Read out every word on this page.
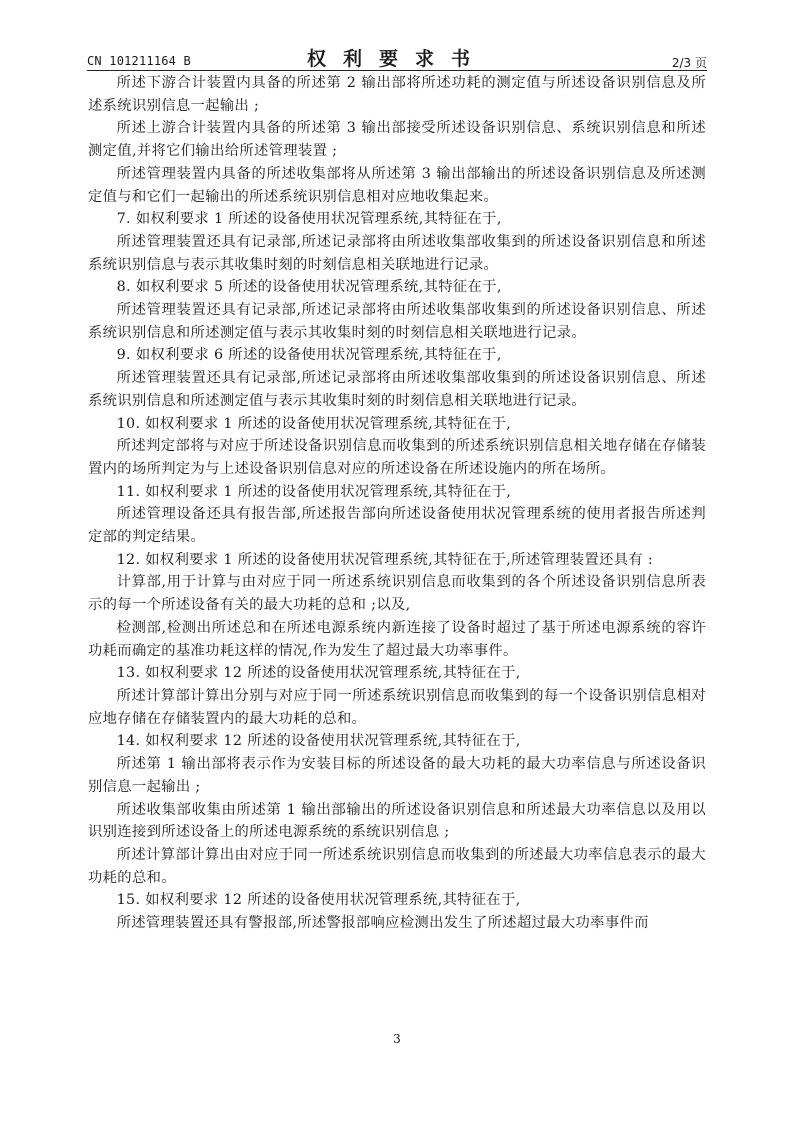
CN 101211164 B	权利要求书	2/3 页

所述下游合计装置内具备的所述第 2 输出部将所述功耗的测定值与所述设备识别信息及所述系统识别信息一起输出 ;

所述上游合计装置内具备的所述第 3 输出部接受所述设备识别信息、系统识别信息和所述测定值,并将它们输出给所述管理装置 ;

所述管理装置内具备的所述收集部将从所述第 3 输出部输出的所述设备识别信息及所述测定值与和它们一起输出的所述系统识别信息相对应地收集起来。

7. 如权利要求 1 所述的设备使用状况管理系统,其特征在于,

所述管理装置还具有记录部,所述记录部将由所述收集部收集到的所述设备识别信息和所述系统识别信息与表示其收集时刻的时刻信息相关联地进行记录。

8. 如权利要求 5 所述的设备使用状况管理系统,其特征在于,

所述管理装置还具有记录部,所述记录部将由所述收集部收集到的所述设备识别信息、所述系统识别信息和所述测定值与表示其收集时刻的时刻信息相关联地进行记录。

9. 如权利要求 6 所述的设备使用状况管理系统,其特征在于,

所述管理装置还具有记录部,所述记录部将由所述收集部收集到的所述设备识别信息、所述系统识别信息和所述测定值与表示其收集时刻的时刻信息相关联地进行记录。

10. 如权利要求 1 所述的设备使用状况管理系统,其特征在于,

所述判定部将与对应于所述设备识别信息而收集到的所述系统识别信息相关地存储在存储装置内的场所判定为与上述设备识别信息对应的所述设备在所述设施内的所在场所。

11. 如权利要求 1 所述的设备使用状况管理系统,其特征在于,

所述管理设备还具有报告部,所述报告部向所述设备使用状况管理系统的使用者报告所述判定部的判定结果。

12. 如权利要求 1 所述的设备使用状况管理系统,其特征在于,所述管理装置还具有 :

计算部,用于计算与由对应于同一所述系统识别信息而收集到的各个所述设备识别信息所表示的每一个所述设备有关的最大功耗的总和 ;以及,

检测部,检测出所述总和在所述电源系统内新连接了设备时超过了基于所述电源系统的容许功耗而确定的基准功耗这样的情况,作为发生了超过最大功率事件。

13. 如权利要求 12 所述的设备使用状况管理系统,其特征在于,

所述计算部计算出分别与对应于同一所述系统识别信息而收集到的每一个设备识别信息相对应地存储在存储装置内的最大功耗的总和。

14. 如权利要求 12 所述的设备使用状况管理系统,其特征在于,

所述第 1 输出部将表示作为安装目标的所述设备的最大功耗的最大功率信息与所述设备识别信息一起输出 ;

所述收集部收集由所述第 1 输出部输出的所述设备识别信息和所述最大功率信息以及用以识别连接到所述设备上的所述电源系统的系统识别信息 ;

所述计算部计算出由对应于同一所述系统识别信息而收集到的所述最大功率信息表示的最大功耗的总和。

15. 如权利要求 12 所述的设备使用状况管理系统,其特征在于,

所述管理装置还具有警报部,所述警报部响应检测出发生了所述超过最大功率事件而

3
